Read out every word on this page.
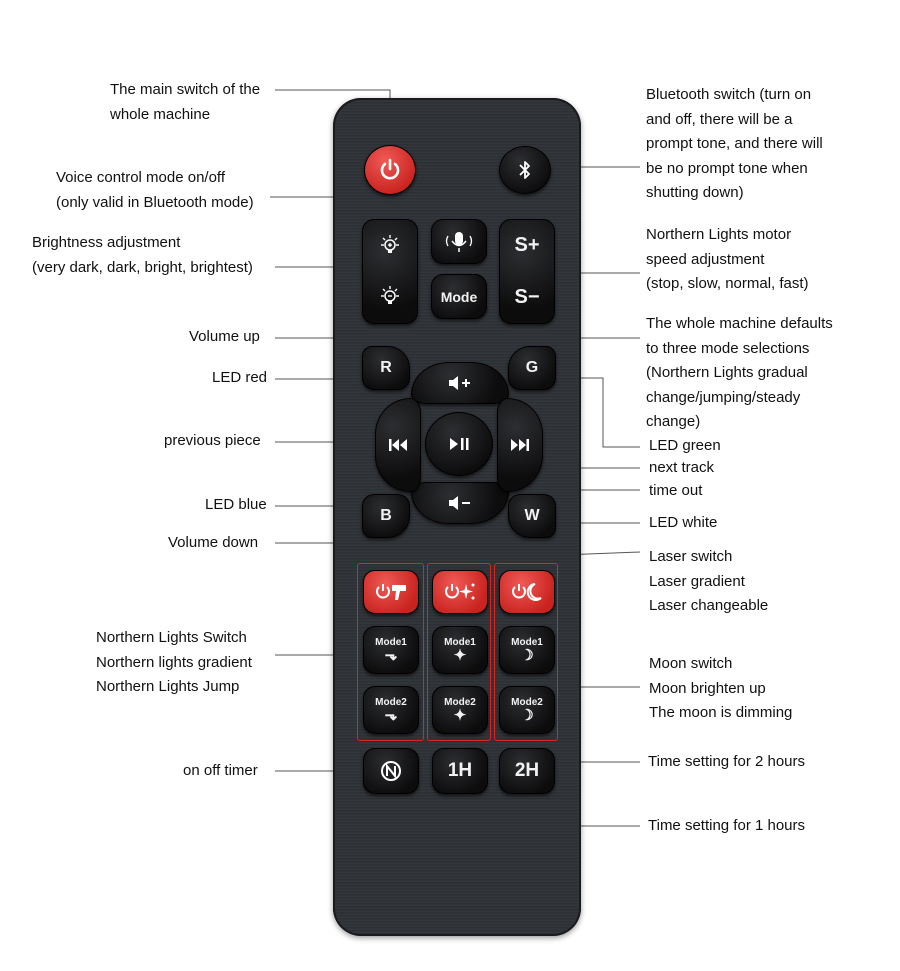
The main switch of the
whole machine
Voice control mode on/off
(only valid in Bluetooth mode)
Brightness adjustment
(very dark, dark, bright, brightest)
Volume up
LED red
previous piece
LED blue
Volume down
Northern Lights Switch
Northern lights gradient
Northern Lights Jump
on off timer
Bluetooth switch (turn on
and off, there will be a
prompt tone, and there will
be no prompt tone when
shutting down)
Northern Lights motor
speed adjustment
(stop, slow, normal, fast)
The whole machine defaults
to three mode selections
(Northern Lights gradual
change/jumping/steady
change)
LED green
next track
time out
LED white
Laser switch
Laser gradient
Laser changeable
Moon switch
Moon brighten up
The moon is dimming
Time setting for 2 hours
Time setting for 1 hours
Mode
S+
S−
R	G
B	W
Mode1
⬎
Mode1
✦
Mode1
☽
Mode2
⬎
Mode2
✦
Mode2
☽
1H	2H
